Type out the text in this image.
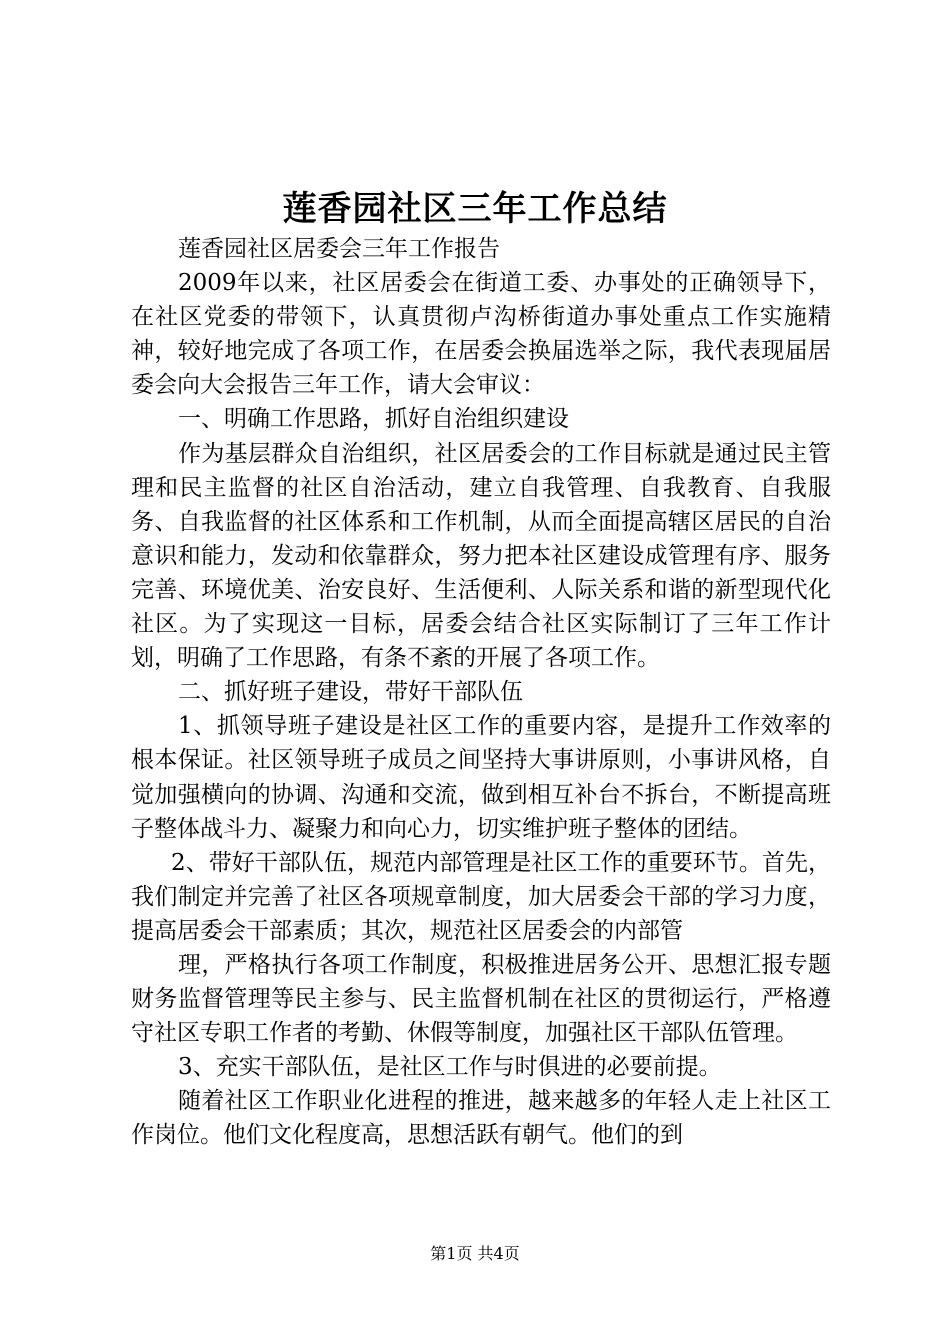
莲香园社区三年工作总结

莲香园社区居委会三年工作报告

2009年以来，社区居委会在街道工委、办事处的正确领导下，在社区党委的带领下，认真贯彻卢沟桥街道办事处重点工作实施精神，较好地完成了各项工作，在居委会换届选举之际，我代表现届居委会向大会报告三年工作，请大会审议：

一、明确工作思路，抓好自治组织建设

作为基层群众自治组织，社区居委会的工作目标就是通过民主管理和民主监督的社区自治活动，建立自我管理、自我教育、自我服务、自我监督的社区体系和工作机制，从而全面提高辖区居民的自治意识和能力，发动和依靠群众，努力把本社区建设成管理有序、服务完善、环境优美、治安良好、生活便利、人际关系和谐的新型现代化社区。为了实现这一目标，居委会结合社区实际制订了三年工作计划，明确了工作思路，有条不紊的开展了各项工作。

二、抓好班子建设，带好干部队伍

1、抓领导班子建设是社区工作的重要内容，是提升工作效率的根本保证。社区领导班子成员之间坚持大事讲原则，小事讲风格，自觉加强横向的协调、沟通和交流，做到相互补台不拆台，不断提高班子整体战斗力、凝聚力和向心力，切实维护班子整体的团结。

2、带好干部队伍，规范内部管理是社区工作的重要环节。首先，我们制定并完善了社区各项规章制度，加大居委会干部的学习力度，提高居委会干部素质；其次，规范社区居委会的内部管

理，严格执行各项工作制度，积极推进居务公开、思想汇报专题财务监督管理等民主参与、民主监督机制在社区的贯彻运行，严格遵守社区专职工作者的考勤、休假等制度，加强社区干部队伍管理。

3、充实干部队伍，是社区工作与时俱进的必要前提。

随着社区工作职业化进程的推进，越来越多的年轻人走上社区工作岗位。他们文化程度高，思想活跃有朝气。他们的到

第1页 共4页
